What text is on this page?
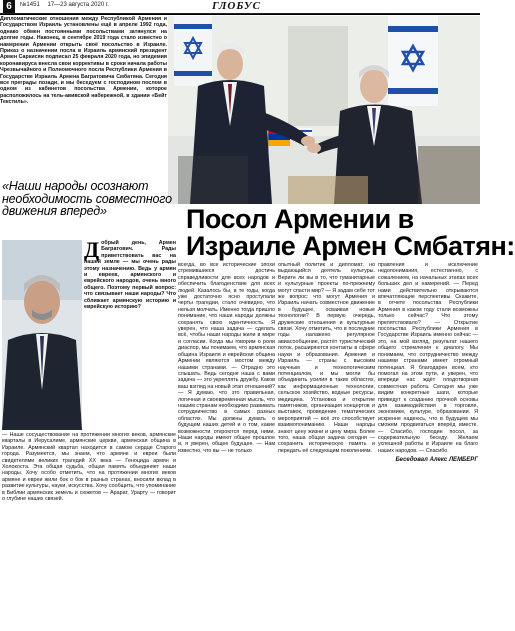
6	№1451 17—23 августа 2020 г.	ГЛОБУС
Дипломатические отношения между Республикой Армения и Государством Израиль установлены ещё в апреле 1992 года, однако обмен постоянными посольствами затянулся на долгие годы. Наконец, в сентябре 2019 года стало известно о намерении Армении открыть своё посольство в Израиле. Приказ о назначении посла в Израиль армянский президент Армен Саркисян подписал 25 февраля 2020 года, но эпидемия коронавируса внесла свои коррективы в сроки начала работы Чрезвычайного и Полномочного посла Республики Армения в Государстве Израиль Армена Багратовича Смбатяна. Сегодня все преграды позади, и мы беседуем с господином послом в одном из кабинетов посольства Армении, которое расположилось на тель-авивской набережной, в здании «Бейт Текстиль».
«Наши народы осознают необходимость совместного движения вперед»	Посол Армении в
Израиле Армен Смбатян:
Добрый день, Армен Багратович. Рады приветствовать вас на нашей земле — мы очень рады этому назначению. Ведь у армян и евреев, армянского и еврейского народов, очень много общего. Поэтому первый вопрос: что связывает наши народы? Что сближает армянскую историю и еврейскую историю?
— Наше сосуществование на протяжении многих веков, армянские кварталы в Иерусалиме, армянские церкви, армянская община в Израиле. Армянский квартал находится в самом сердце Старого города. Разумеется, мы знаем, что армяне и евреи были свидетелями великих трагедий XX века — Геноцида армян и Холокоста. Эта общая судьба, общая память объединяет наши народы. Хочу особо отметить, что на протяжении многих веков армяне и евреи жили бок о бок в разных странах, вносили вклад в развитие культуры, науки, искусства. Хочу сообщить, что упоминание в Библии армянских земель и сюжетов — Арарат, Урарту — говорит о глубине наших связей.
всегда, во все исторические эпохи стремившиеся достичь справедливости для всех народов и обеспечить благоденствие для всех людей. Казалось бы, в те годы, когда уже достаточно ясно проступали черты трагедии, стало очевидно, что нельзя молчать. Именно тогда пришло понимание, что наши народы должны сохранять свою идентичность. Я уверен, что наша задача — сделать всё, чтобы наши народы жили в мире и согласии. Когда мы говорим о роли диаспор, мы понимаем, что армянская община Израиля и еврейская община Армении являются мостом между нашими странами. — Отрадно это слышать. Ведь сегодня наша с вами задача — это укреплять дружбу. Каков ваш взгляд на новый этап отношений? — Я думаю, что это правильная, логичная и своевременная мысль, что нашим странам необходимо развивать сотрудничество в самых разных областях. Мы должны думать о будущем наших детей и о том, какие возможности откроются перед ними. Наши народы имеют общее прошлое и, я уверен, общее будущее. — Нам известно, что вы — не только
опытный политик и дипломат, но выдающийся деятель культуры. Верите ли вы в то, что гуманитарные и культурные проекты по-прежнему могут спасти мир? — Я задам себе тот же вопрос: что могут Армения и Израиль начать совместное движение в будущее, осваивая новые технологии? В первую очередь, дружеские отношения и культурные связи. Хочу отметить, что в последние годы налажено регулярное авиасообщение, растёт туристический поток, расширяются контакты в сфере науки и образования. Армения и Израиль — страны с высоким научным и технологическим потенциалом, и мы могли бы объединить усилия в таких областях, как информационные технологии, сельское хозяйство, водные ресурсы, медицина. Установка и открытие памятников, организация концертов и выставок, проведение тематических мероприятий — всё это способствует взаимопониманию. Наши народы знают цену жизни и цену мира. Более того, наша общая задача сегодня — сохранить историческую память и передать её следующим поколениям.
правления и исключение недопонимания, естественно, с сожалением, на начальных этапах всех больших дел и намерений. — Перед нами действительно открываются впечатляющие перспективы. Скажите, в отчете посольства Республики Армения в каком году стали возможны только сейчас? Что этому препятствовало? — Открытие посольства Республики Армения в Государстве Израиль именно сейчас — это, на мой взгляд, результат нашего общего стремления к диалогу. Мы понимаем, что сотрудничество между нашими странами имеет огромный потенциал. Я благодарен всем, кто помогал на этом пути, и уверен, что впереди нас ждёт плодотворная совместная работа. Сегодня мы уже видим конкретные шаги, которые приведут к созданию прочной основы для взаимодействия в торговле, экономике, культуре, образовании. Я искренне надеюсь, что в будущем мы сможем продвигаться вперёд вместе. — Спасибо, господин посол, за содержательную беседу. Желаем успешной работы в Израиле на благо наших народов. — Спасибо.
Беседовал Алекс ЛЕМБЕРГ
